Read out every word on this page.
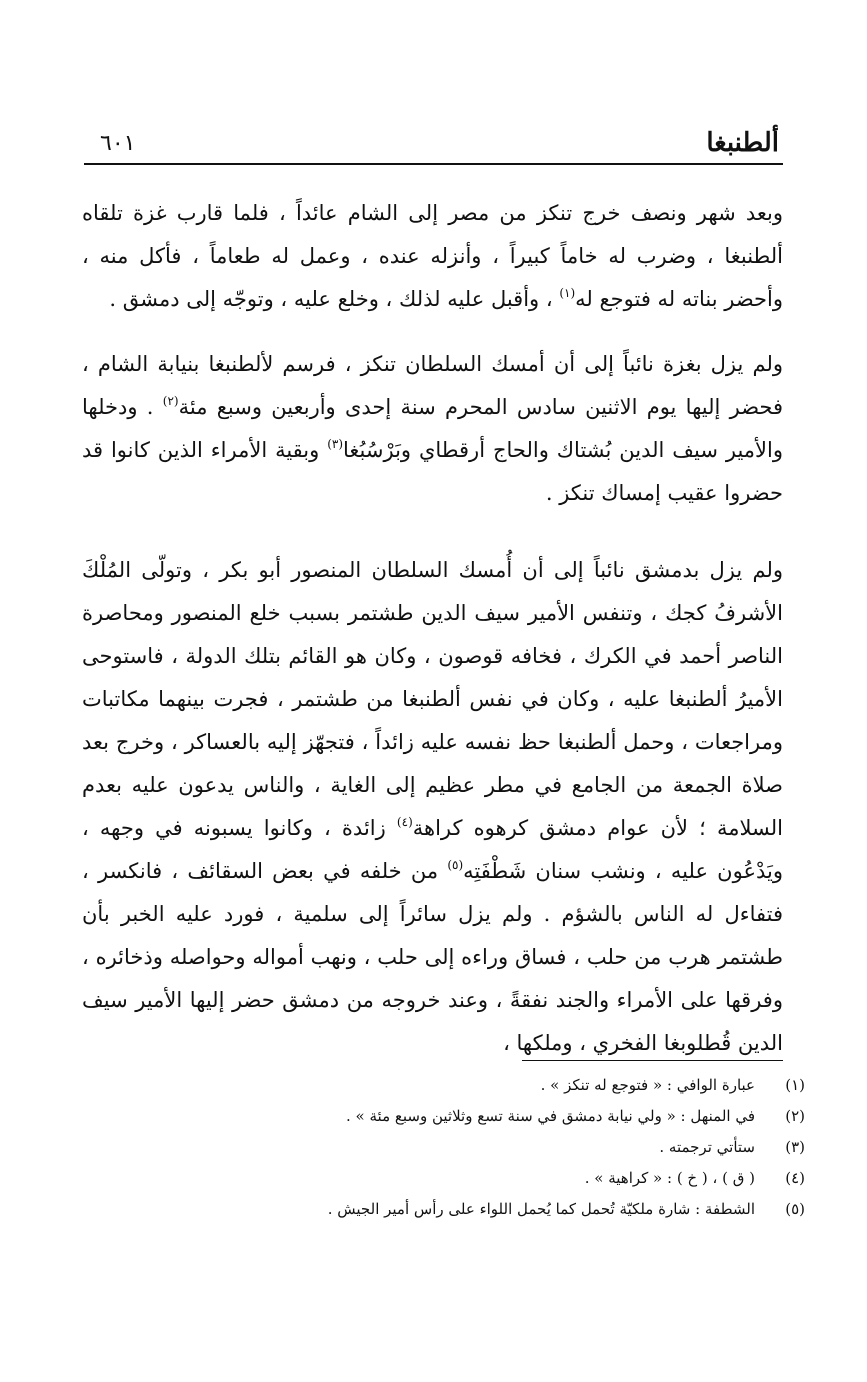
ألطنبغا
٦٠١

وبعد شهر ونصف خرج تنكز من مصر إلى الشام عائداً ، فلما قارب غزة تلقاه ألطنبغا ، وضرب له خاماً كبيراً ، وأنزله عنده ، وعمل له طعاماً ، فأكل منه ، وأحضر بناته له فتوجع له$^{(١)}$ ، وأقبل عليه لذلك ، وخلع عليه ، وتوجّه إلى دمشق .

ولم يزل بغزة نائباً إلى أن أمسك السلطان تنكز ، فرسم لألطنبغا بنيابة الشام ، فحضر إليها يوم الاثنين سادس المحرم سنة إحدى وأربعين وسبع مئة$^{(٢)}$ . ودخلها والأمير سيف الدين بُشتاك والحاج أرقطاي وبَرْسُبُغا$^{(٣)}$ وبقية الأمراء الذين كانوا قد حضروا عقيب إمساك تنكز .

ولم يزل بدمشق نائباً إلى أن أُمسك السلطان المنصور أبو بكر ، وتولّى المُلْكَ الأشرفُ كجك ، وتنفس الأمير سيف الدين طشتمر بسبب خلع المنصور ومحاصرة الناصر أحمد في الكرك ، فخافه قوصون ، وكان هو القائم بتلك الدولة ، فاستوحى الأميرُ ألطنبغا عليه ، وكان في نفس ألطنبغا من طشتمر ، فجرت بينهما مكاتبات ومراجعات ، وحمل ألطنبغا حظ نفسه عليه زائداً ، فتجهّز إليه بالعساكر ، وخرج بعد صلاة الجمعة من الجامع في مطر عظيم إلى الغاية ، والناس يدعون عليه بعدم السلامة ؛ لأن عوام دمشق كرهوه كراهة$^{(٤)}$ زائدة ، وكانوا يسبونه في وجهه ، ويَدْعُون عليه ، ونشب سنان شَطْفَتِه$^{(٥)}$ من خلفه في بعض السقائف ، فانكسر ، فتفاءل له الناس بالشؤم . ولم يزل سائراً إلى سلمية ، فورد عليه الخبر بأن طشتمر هرب من حلب ، فساق وراءه إلى حلب ، ونهب أمواله وحواصله وذخائره ، وفرقها على الأمراء والجند نفقةً ، وعند خروجه من دمشق حضر إليها الأمير سيف الدين قُطلوبغا الفخري ، وملكها ،

(١)
عبارة الوافي : « فتوجع له تنكز » .
(٢)
في المنهل : « ولي نيابة دمشق في سنة تسع وثلاثين وسبع مئة » .
(٣)
ستأتي ترجمته .
(٤)
( ق ) ، ( خ ) : « كراهية » .
(٥)
الشطفة : شارة ملكيّة تُحمل كما يُحمل اللواء على رأس أمير الجيش .
